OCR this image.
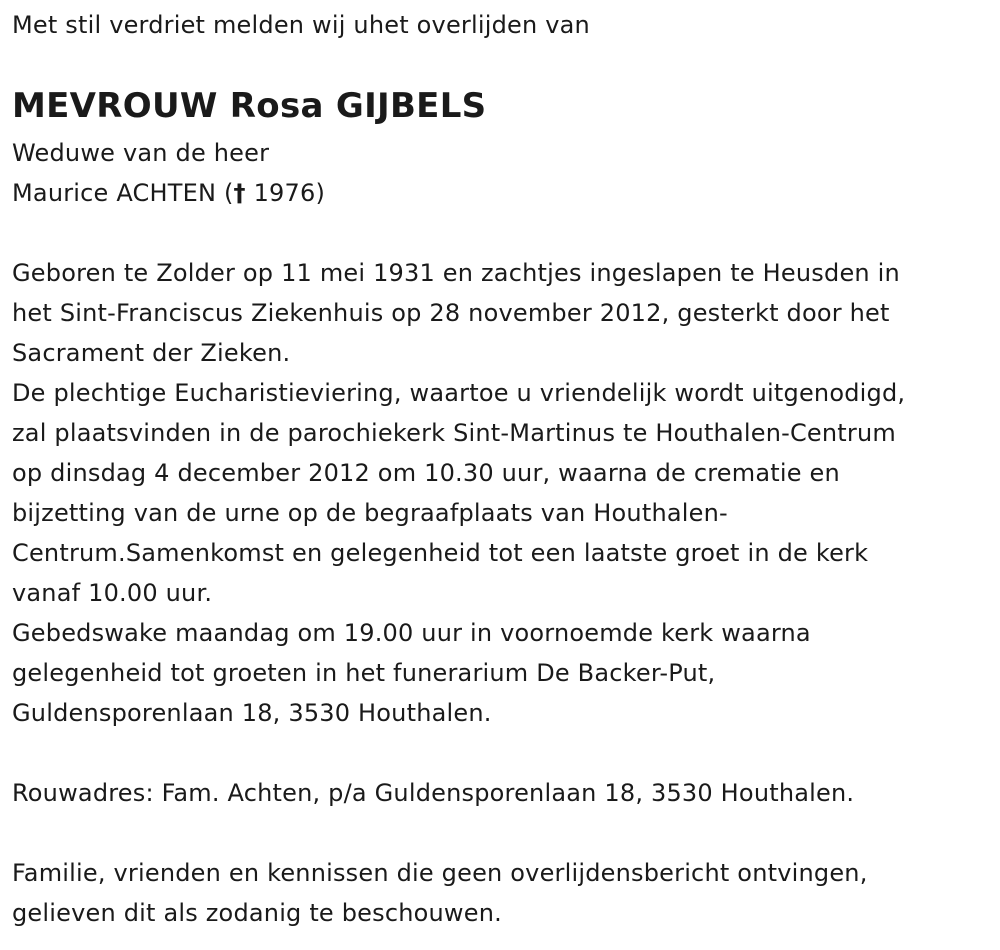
Met stil verdriet melden wij uhet overlijden van
MEVROUW Rosa GIJBELS
Weduwe van de heer
Maurice ACHTEN († 1976)
Geboren te Zolder op 11 mei 1931 en zachtjes ingeslapen te Heusden in
het Sint-Franciscus Ziekenhuis op 28 november 2012, gesterkt door het
Sacrament der Zieken.
De plechtige Eucharistieviering, waartoe u vriendelijk wordt uitgenodigd,
zal plaatsvinden in de parochiekerk Sint-Martinus te Houthalen-Centrum
op dinsdag 4 december 2012 om 10.30 uur, waarna de crematie en
bijzetting van de urne op de begraafplaats van Houthalen-
Centrum.Samenkomst en gelegenheid tot een laatste groet in de kerk
vanaf 10.00 uur.
Gebedswake maandag om 19.00 uur in voornoemde kerk waarna
gelegenheid tot groeten in het funerarium De Backer-Put,
Guldensporenlaan 18, 3530 Houthalen.
Rouwadres: Fam. Achten, p/a Guldensporenlaan 18, 3530 Houthalen.
Familie, vrienden en kennissen die geen overlijdensbericht ontvingen,
gelieven dit als zodanig te beschouwen.
